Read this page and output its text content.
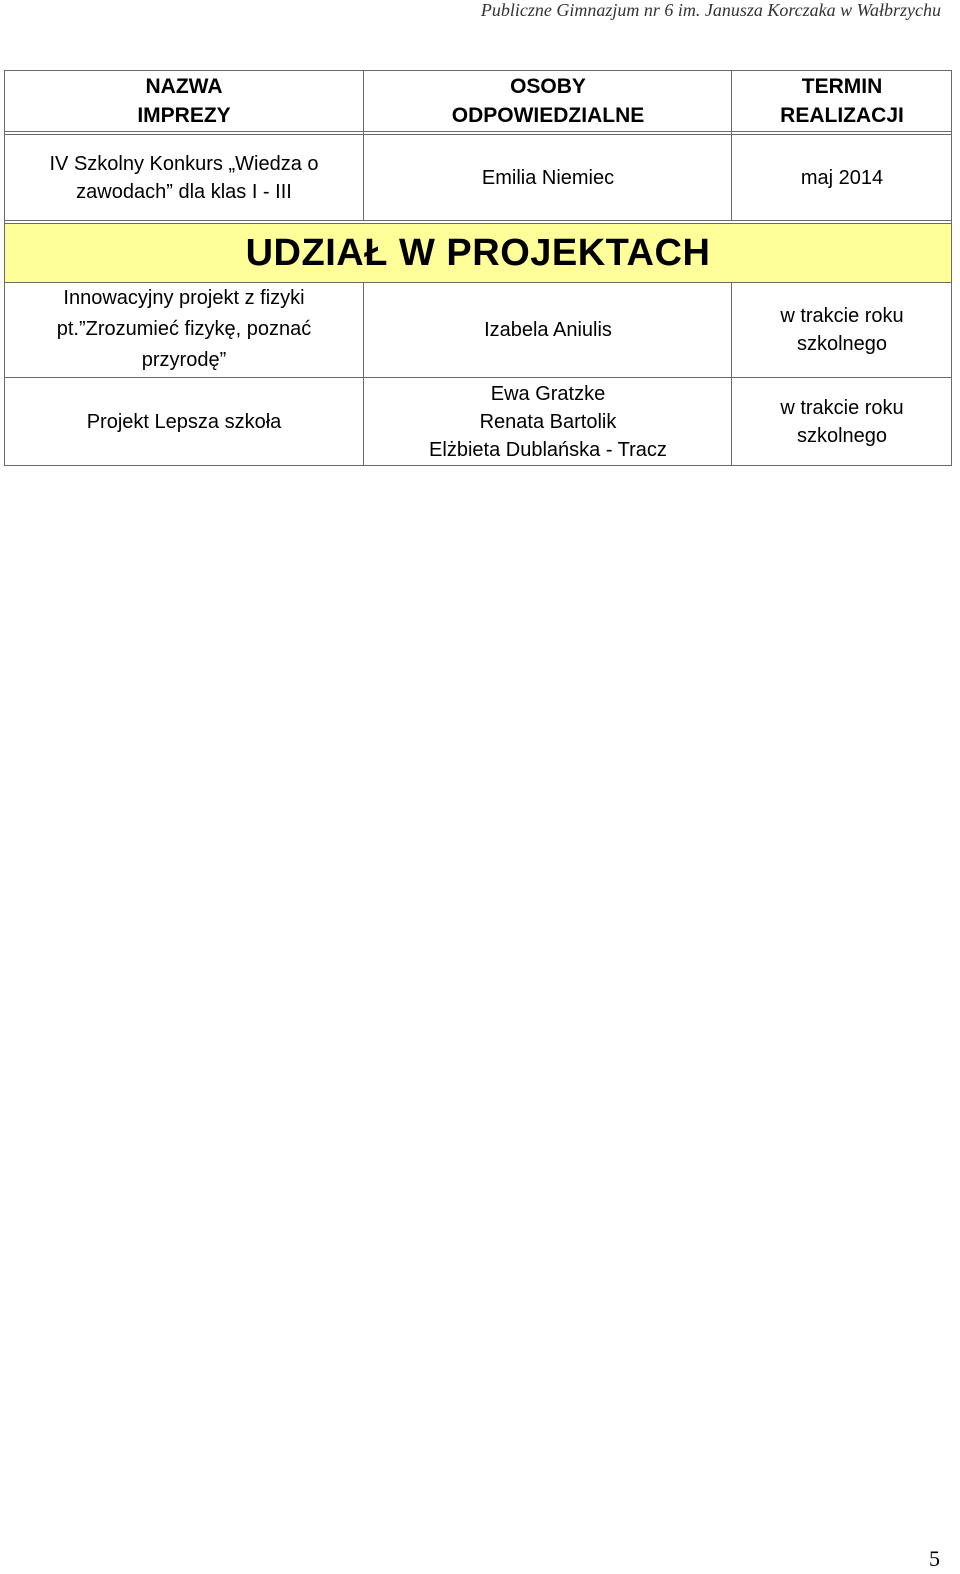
Publiczne Gimnazjum nr 6 im. Janusza Korczaka w Wałbrzychu
NAZWA
IMPREZY
OSOBY
ODPOWIEDZIALNE
TERMIN
REALIZACJI
IV Szkolny Konkurs „Wiedza o
zawodach” dla klas I - III
Emilia Niemiec	maj 2014
UDZIAŁ W PROJEKTACH
Innowacyjny projekt z fizyki
pt.”Zrozumieć fizykę, poznać
przyrodę”
Izabela Aniulis
w trakcie roku
szkolnego
Projekt Lepsza szkoła
Ewa Gratzke
Renata Bartolik
Elżbieta Dublańska - Tracz
w trakcie roku
szkolnego
5
